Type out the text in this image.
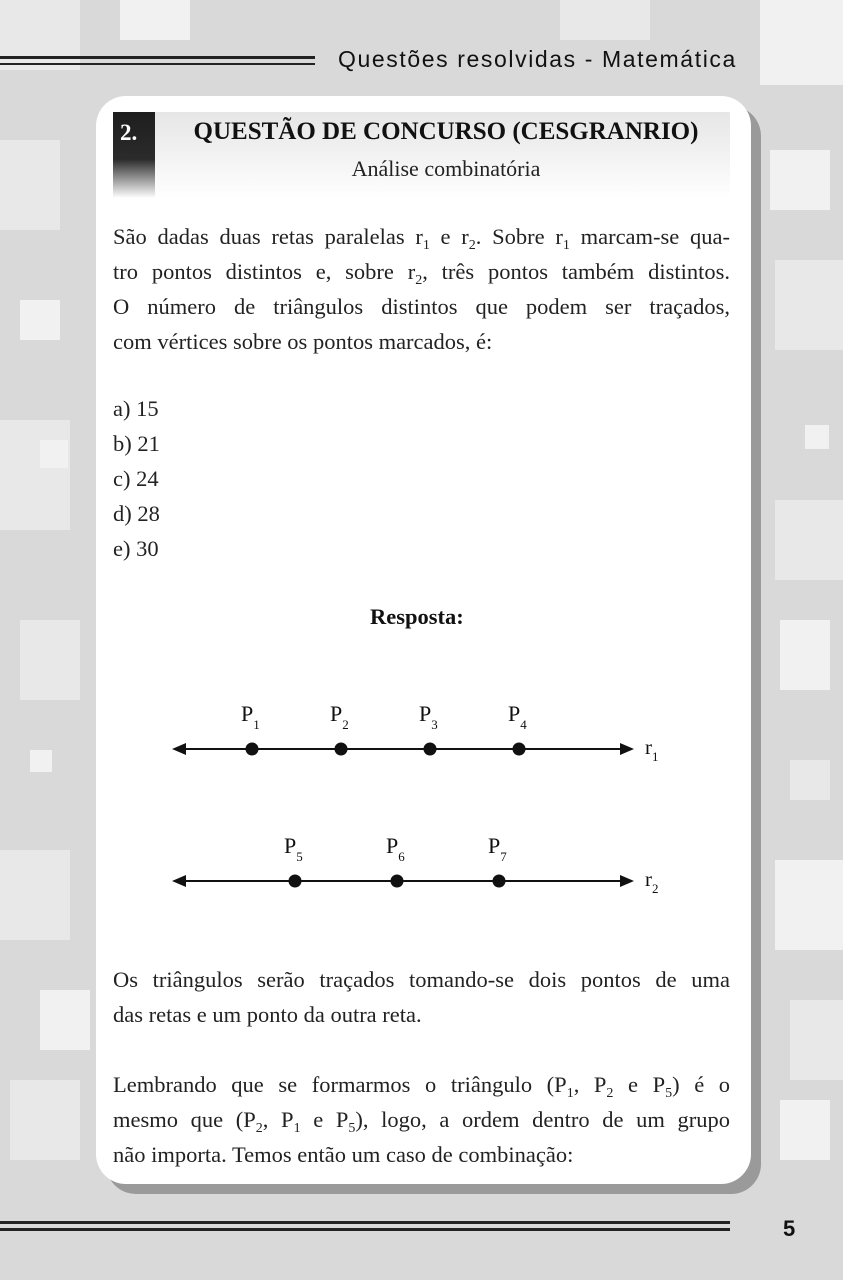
Questões resolvidas - Matemática
2.	QUESTÃO DE CONCURSO (CESGRANRIO)
Análise combinatória
São dadas duas retas paralelas $r_1$ e $r_2$. Sobre $r_1$ marcam-se qua-
tro pontos distintos e, sobre $r_2$, três pontos também distintos.
O número de triângulos distintos que podem ser traçados,
com vértices sobre os pontos marcados, é:
a) 15
b) 21
c) 24
d) 28
e) 30
Resposta:
$r_1$
$r_2$
$P_1$	$P_2$	$P_3$	$P_4$
$P_5$	$P_6$	$P_7$
Os triângulos serão traçados tomando-se dois pontos de uma
das retas e um ponto da outra reta.
Lembrando que se formarmos o triângulo ($P_1$, $P_2$ e $P_5$) é o
mesmo que ($P_2$, $P_1$ e $P_5$), logo, a ordem dentro de um grupo
não importa. Temos então um caso de combinação:
5
